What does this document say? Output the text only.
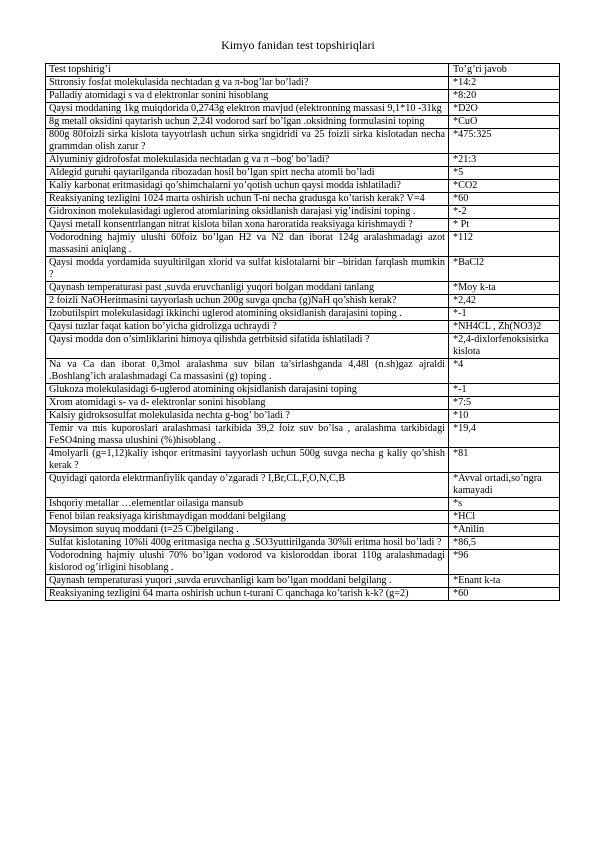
Kimyo fanidan test topshiriqlari
Test topshirig’i	To’g’ri javob
Sttronsiy fosfat molekulasida nechtadan g va π-bog’lar bo’ladi?	*14:2
Palladiy atomidagi s va d elektronlar sonini hisoblang	*8:20
Qaysi moddaning 1kg muiqdorida 0,2743g elektron mavjud (elektronning massasi 9,1*10 -31kg	*D2O
8g metall oksidini qaytarish uchun 2,24l vodorod sarf bo’lgan .oksidning formulasini toping	*CuO
800g 80foizli sirka kislota tayyotrlash uchun sirka sngidridi va 25 foizli sirka kislotadan necha grammdan olish zarur ?	*475:325
Alyuminiy gidrofosfat molekulasida nechtadan g va π –bog' bo’ladi?	*21:3
Aldegid guruhi qaytarilganda ribozadan hosil bo’lgan spirt necha atomli bo’ladi	*5
Kaliy karbonat eritmasidagi qo’shimchalarni yo’qotish uchun qaysi modda ishlatiladi?	*CO2
Reaksiyaning tezligini 1024 marta oshirish uchun T-ni necha gradusga ko’tarish kerak? V=4	*60
Gidroxinon molekulasidagi uglerod atomlarining oksidlanish darajasi yig’indisini toping .	*-2
Qaysi metall konsentrlangan nitrat kislota bilan xona haroratida reaksiyaga kirishmaydi ?	* Pt
Vodorodning hajmiy ulushi 60foiz bo’lgan H2 va N2 dan iborat 124g aralashmadagi azot massasini aniqlang .	*112
Qaysi modda yordamida suyultirilgan xlorid va sulfat kislotalarni bir –biridan farqlash mumkin ?	*BaCl2
Qaynash temperaturasi past ,suvda eruvchanligi yuqori bolgan moddani tanlang	*Moy k-ta
2 foizli NaOHeritmasini tayyorlash uchun 200g suvga qncha (g)NaH qo’shish kerak?	*2,42
Izobutilspirt molekulasidagi ikkinchi uglerod atomining oksidlanish darajasini toping .	*-1
Qaysi tuzlar faqat kation bo’yicha gidrolizga uchraydi ?	*NH4CL , Zh(NO3)2
Qaysi modda don o’simliklarini himoya qilishda getrbitsid sifatida ishlatiladi ?	*2,4-dixlorfenoksisirka kislota
Na va Ca dan iborat 0,3mol aralashma suv bilan ta’sirlashganda 4,48l (n.sh)gaz ajraldi .Boshlang’ich aralashmadagi Ca massasini (g) toping .	*4
Glukoza molekulasidagi 6-uglerod atomining okjsidlanish darajasini toping	*-1
Xrom atomidagi s- va d- elektronlar sonini hisoblang	*7:5
Kalsiy gidroksosulfat molekulasida nechta g-bog’ bo’ladi ?	*10
Temir va mis kuporoslari aralashmasi tarkibida 39,2 foiz suv bo’lsa , aralashma tarkibidagi FeSO4ning massa ulushini (%)hisoblang .	*19,4
4molyarli (g=1,12)kaliy ishqor eritmasini tayyorlash uchun 500g suvga necha g kaliy qo’shish kerak ?	*81
Quyidagi qatorda elektrmanfiylik qanday o’zgaradi ? I,Br,CL,F,O,N,C,B	*Avval ortadi,so’ngra kamayadi
Ishqoriy metallar …elementlar oilasiga mansub	*s
Fenol bilan reaksiyaga kirishmaydigan moddani belgilang	*HCl
Moysimon suyuq moddani (t=25 C)belgilang .	*Anilin
Sulfat kislotaning 10%li 400g eritmasiga necha g .SO3yuttirilganda 30%li eritma hosil bo’ladi ?	*86,5
Vodorodning hajmiy ulushi 70% bo’lgan vodorod va kisloroddan iborat 110g aralashmadagi kislorod og’irligini hisoblang .	*96
Qaynash temperaturasi yuqori ,suvda eruvchanligi kam bo’lgan moddani belgilang .	*Enant k-ta
Reaksiyaning tezligini 64 marta oshirish uchun t-turani C qanchaga ko’tarish k-k? (g=2)	*60
